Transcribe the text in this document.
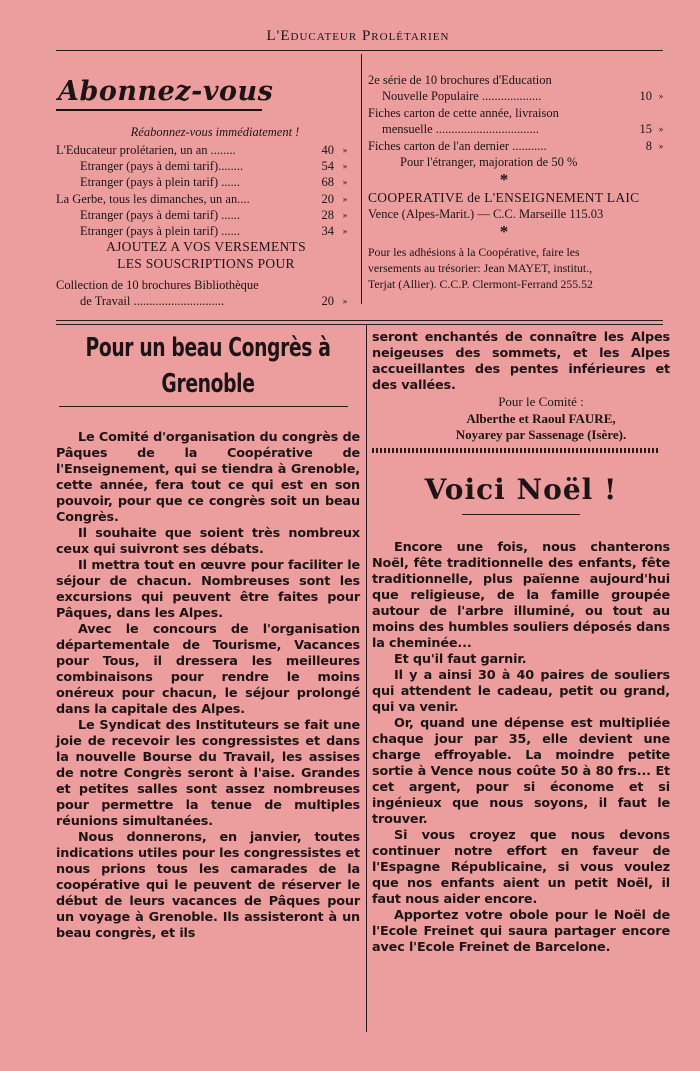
L'Educateur Prolétarien
Abonnez-vous
Réabonnez-vous immédiatement !
L'Educateur prolétarien, un an ........	40 »
Etranger (pays à demi tarif)........	54 »
Etranger (pays à plein tarif) ......	68 »
La Gerbe, tous les dimanches, un an....	20 »
Etranger (pays à demi tarif) ......	28 »
Etranger (pays à plein tarif) ......	34 »
AJOUTEZ A VOS VERSEMENTS
LES SOUSCRIPTIONS POUR
Collection de 10 brochures Bibliothèque
de Travail .............................	20 »
2e série de 10 brochures d'Education
Nouvelle Populaire ...................	10 »
Fiches carton de cette année, livraison
mensuelle .................................	15 »
Fiches carton de l'an dernier ...........	8 »
Pour l'étranger, majoration de 50 %
*
COOPERATIVE de L'ENSEIGNEMENT LAIC
Vence (Alpes-Marit.) — C.C. Marseille 115.03
*
Pour les adhésions à la Coopérative, faire les
versements au trésorier: Jean MAYET, institut.,
Terjat (Allier). C.C.P. Clermont-Ferrand 255.52
Pour un beau Congrès à Grenoble

Le Comité d'organisation du congrès de Pâques de la Coopérative de l'Enseignement, qui se tiendra à Grenoble, cette année, fera tout ce qui est en son pouvoir, pour que ce congrès soit un beau Congrès.

Il souhaite que soient très nombreux ceux qui suivront ses débats.

Il mettra tout en œuvre pour faciliter le séjour de chacun. Nombreuses sont les excursions qui peuvent être faites pour Pâques, dans les Alpes.

Avec le concours de l'organisation départementale de Tourisme, Vacances pour Tous, il dressera les meilleures combinaisons pour rendre le moins onéreux pour chacun, le séjour prolongé dans la capitale des Alpes.

Le Syndicat des Instituteurs se fait une joie de recevoir les congressistes et dans la nouvelle Bourse du Travail, les assises de notre Congrès seront à l'aise. Grandes et petites salles sont assez nombreuses pour permettre la tenue de multiples réunions simultanées.

Nous donnerons, en janvier, toutes indications utiles pour les congressistes et nous prions tous les camarades de la coopérative qui le peuvent de réserver le début de leurs vacances de Pâques pour un voyage à Grenoble. Ils assisteront à un beau congrès, et ils

seront enchantés de connaître les Alpes neigeuses des sommets, et les Alpes accueillantes des pentes inférieures et des vallées.

Pour le Comité :
Alberthe et Raoul FAURE,
Noyarey par Sassenage (Isère).
Voici Noël !

Encore une fois, nous chanterons Noël, fête traditionnelle des enfants, fête traditionnelle, plus païenne aujourd'hui que religieuse, de la famille groupée autour de l'arbre illuminé, ou tout au moins des humbles souliers déposés dans la cheminée...

Et qu'il faut garnir.

Il y a ainsi 30 à 40 paires de souliers qui attendent le cadeau, petit ou grand, qui va venir.

Or, quand une dépense est multipliée chaque jour par 35, elle devient une charge effroyable. La moindre petite sortie à Vence nous coûte 50 à 80 frs... Et cet argent, pour si économe et si ingénieux que nous soyons, il faut le trouver.

Si vous croyez que nous devons continuer notre effort en faveur de l'Espagne Républicaine, si vous voulez que nos enfants aient un petit Noël, il faut nous aider encore.

Apportez votre obole pour le Noël de l'Ecole Freinet qui saura partager encore avec l'Ecole Freinet de Barcelone.
